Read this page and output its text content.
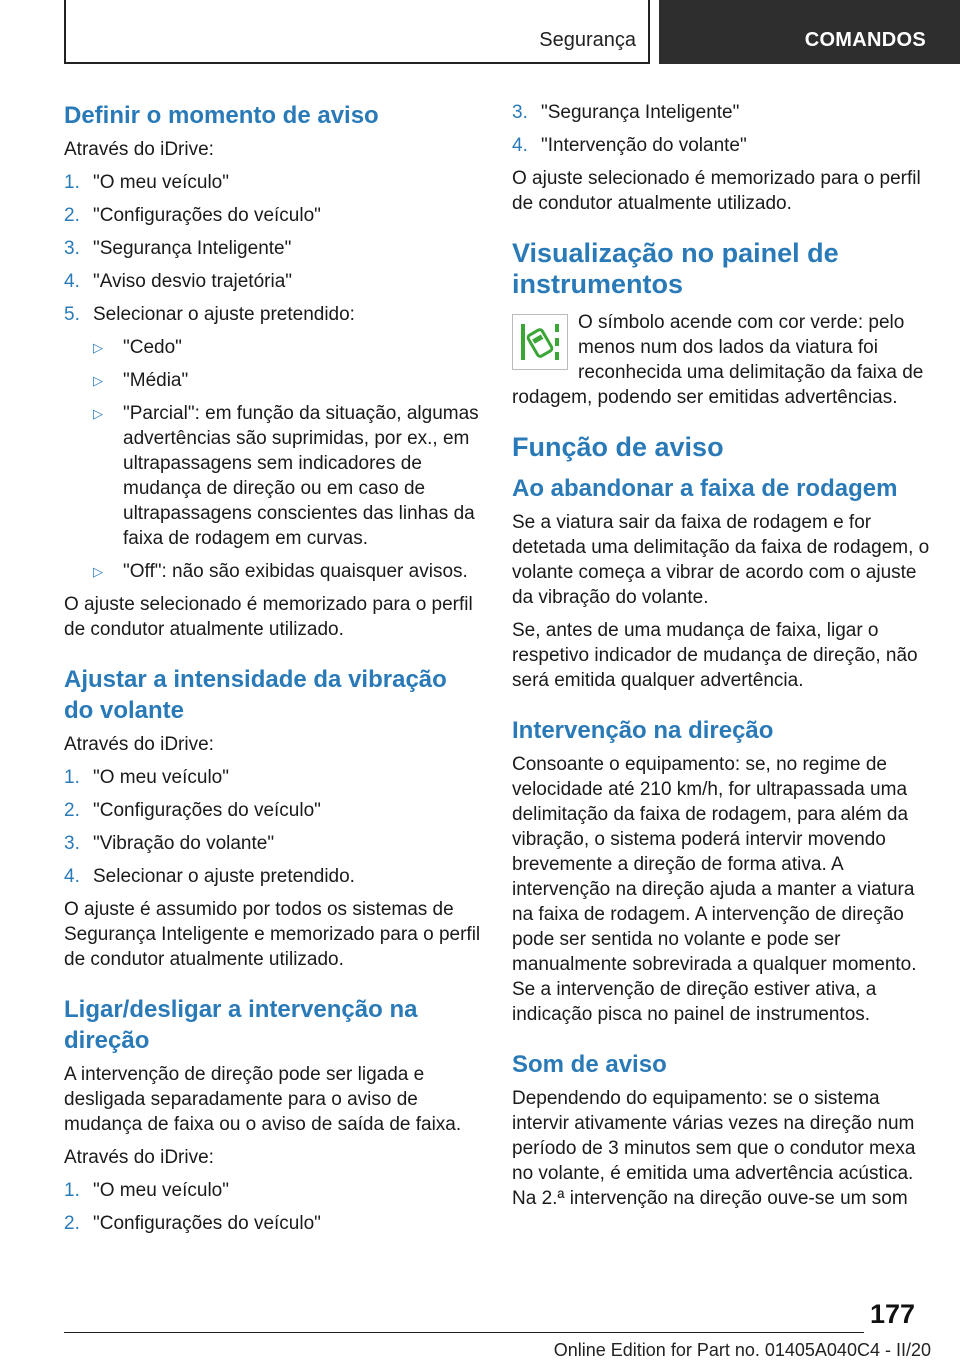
Segurança	COMANDOS
Definir o momento de aviso

Através do iDrive:

1. "O meu veículo"
2. "Configurações do veículo"
3. "Segurança Inteligente"
4. "Aviso desvio trajetória"
5. Selecionar o ajuste pretendido:
▷ "Cedo"
▷ "Média"
▷ "Parcial": em função da situação, algumas advertências são suprimidas, por ex., em ultrapassagens sem indicadores de mudança de direção ou em caso de ultrapassagens conscientes das linhas da faixa de rodagem em curvas.
▷ "Off": não são exibidas quaisquer avisos.

O ajuste selecionado é memorizado para o perfil de condutor atualmente utilizado.

Ajustar a intensidade da vibração do volante

Através do iDrive:

1. "O meu veículo"
2. "Configurações do veículo"
3. "Vibração do volante"
4. Selecionar o ajuste pretendido.

O ajuste é assumido por todos os sistemas de Segurança Inteligente e memorizado para o perfil de condutor atualmente utilizado.

Ligar/desligar a intervenção na direção

A intervenção de direção pode ser ligada e desligada separadamente para o aviso de mudança de faixa ou o aviso de saída de faixa.

Através do iDrive:

1. "O meu veículo"
2. "Configurações do veículo"
3. "Segurança Inteligente"
4. "Intervenção do volante"

O ajuste selecionado é memorizado para o perfil de condutor atualmente utilizado.

Visualização no painel de instrumentos

O símbolo acende com cor verde: pelo menos num dos lados da viatura foi reconhecida uma delimitação da faixa de rodagem, podendo ser emitidas advertências.

Função de aviso
Ao abandonar a faixa de rodagem

Se a viatura sair da faixa de rodagem e for detetada uma delimitação da faixa de rodagem, o volante começa a vibrar de acordo com o ajuste da vibração do volante.

Se, antes de uma mudança de faixa, ligar o respetivo indicador de mudança de direção, não será emitida qualquer advertência.

Intervenção na direção

Consoante o equipamento: se, no regime de velocidade até 210 km/h, for ultrapassada uma delimitação da faixa de rodagem, para além da vibração, o sistema poderá intervir movendo brevemente a direção de forma ativa. A intervenção na direção ajuda a manter a viatura na faixa de rodagem. A intervenção de direção pode ser sentida no volante e pode ser manualmente sobrevirada a qualquer momento. Se a intervenção de direção estiver ativa, a indicação pisca no painel de instrumentos.

Som de aviso

Dependendo do equipamento: se o sistema intervir ativamente várias vezes na direção num período de 3 minutos sem que o condutor mexa no volante, é emitida uma advertência acústica. Na 2.ª intervenção na direção ouve-se um som

177
Online Edition for Part no. 01405A040C4 - II/20
